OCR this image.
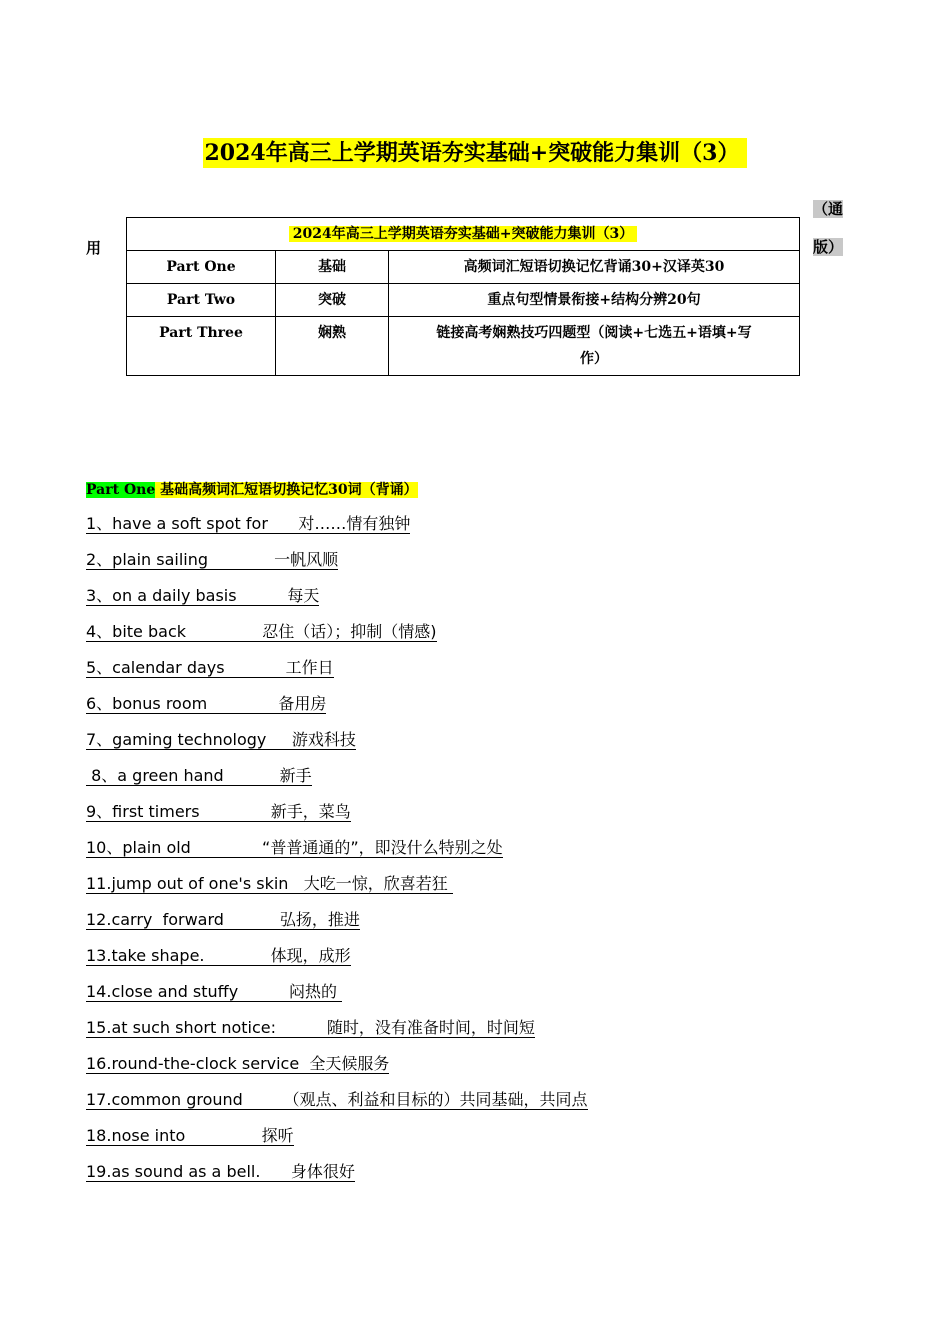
2024年高三上学期英语夯实基础+突破能力集训（3）
用
（通
版）
2024年高三上学期英语夯实基础+突破能力集训（3）		
Part One	基础	高频词汇短语切换记忆背诵30+汉译英30
Part Two	突破	重点句型情景衔接+结构分辨20句
Part Three	娴熟	链接高考娴熟技巧四题型（阅读+七选五+语填+写
作）
Part One 基础高频词汇短语切换记忆30词（背诵）
1、have a soft spot for      对……情有独钟
2、plain sailing             一帆风顺
3、on a daily basis          每天
4、bite back               忍住（话）；抑制（情感)
5、calendar days            工作日
6、bonus room              备用房
7、gaming technology     游戏科技
8、a green hand           新手
9、first timers              新手，菜鸟
10、plain old              “普普通通的”，即没什么特别之处
11.jump out of one's skin   大吃一惊，欣喜若狂
12.carry  forward           弘扬，推进
13.take shape.             体现，成形
14.close and stuffy          闷热的
15.at such short notice:          随时，没有准备时间，时间短
16.round-the-clock service  全天候服务
17.common ground        （观点、利益和目标的）共同基础，共同点
18.nose into               探听
19.as sound as a bell.      身体很好
